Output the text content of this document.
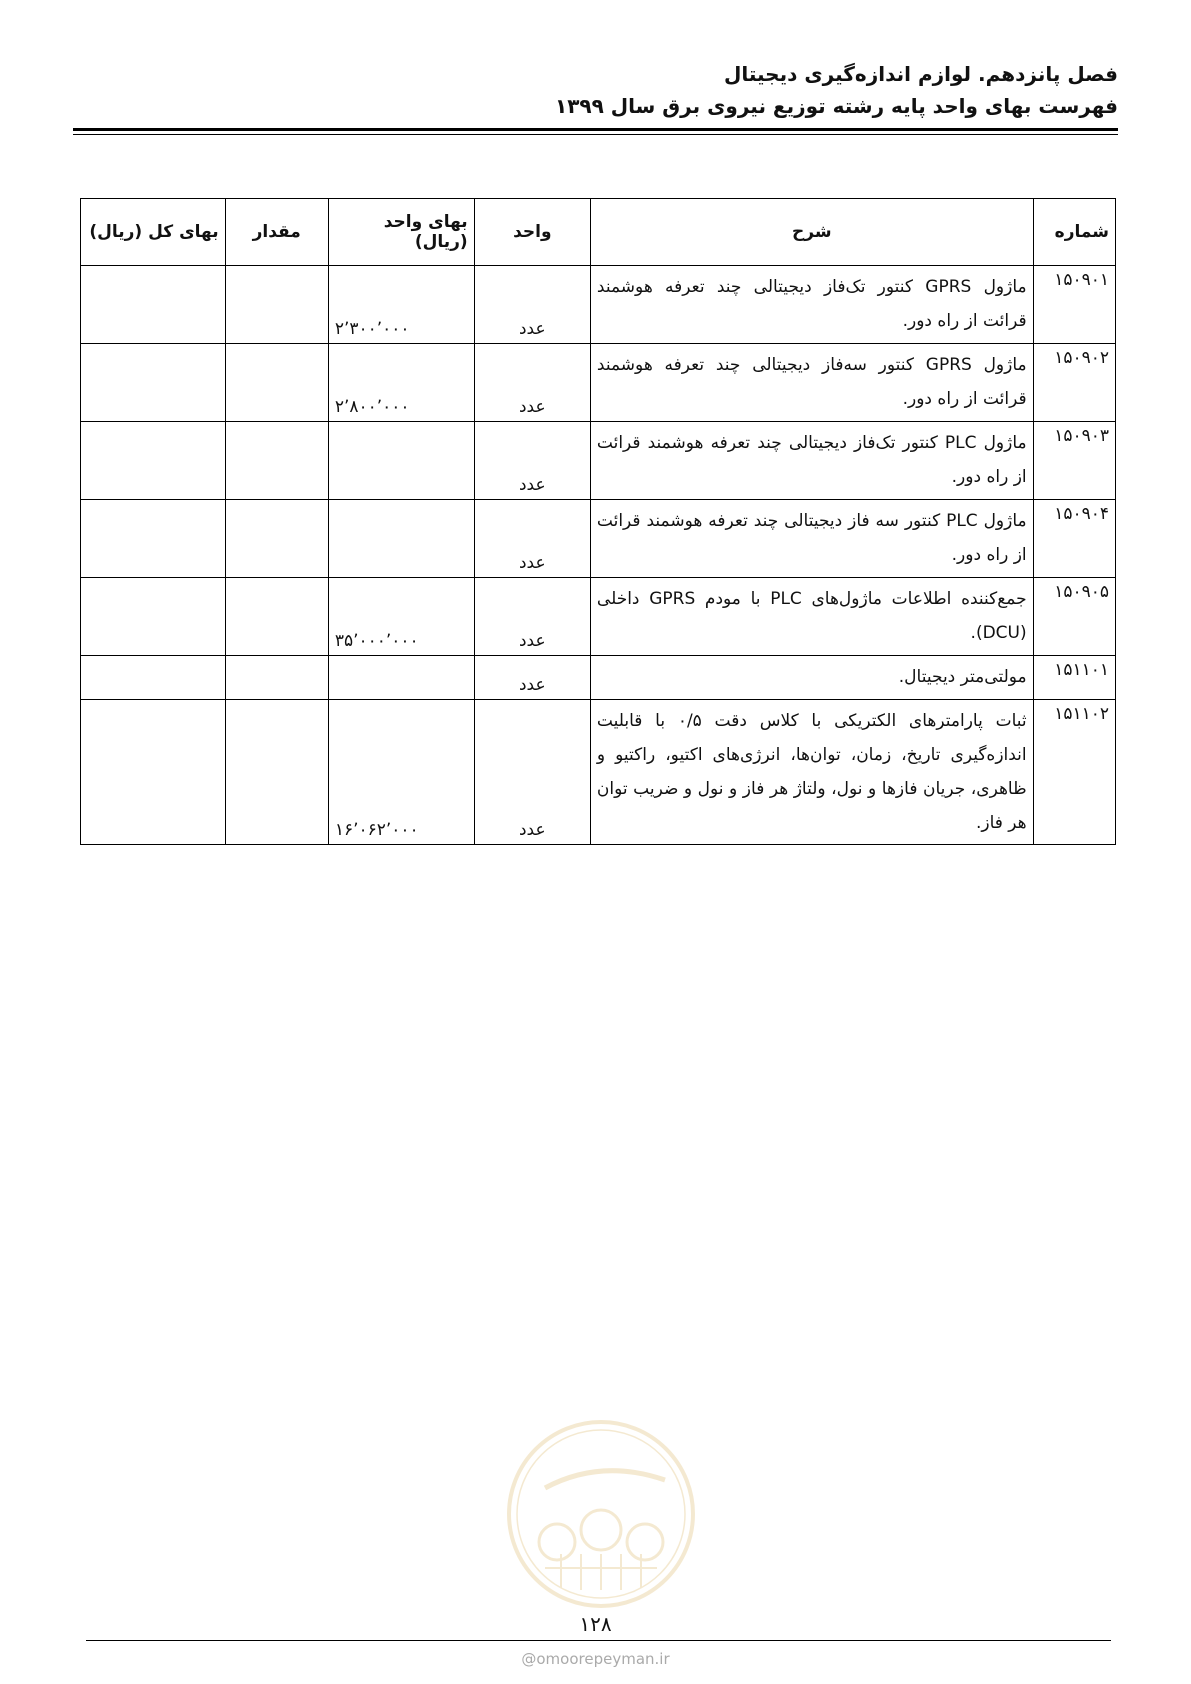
فصل پانزدهم. لوازم اندازه‌گیری دیجیتال
فهرست بهای واحد پایه رشته توزیع نیروی برق سال ۱۳۹۹
شماره	شرح	واحد	بهای واحد (ریال)	مقدار	بهای کل (ریال)
۱۵۰۹۰۱	ماژول GPRS کنتور تک‌فاز دیجیتالی چند تعرفه هوشمند قرائت از راه دور.	عدد	۲٬۳۰۰٬۰۰۰		
۱۵۰۹۰۲	ماژول GPRS کنتور سه‌فاز دیجیتالی چند تعرفه هوشمند قرائت از راه دور.	عدد	۲٬۸۰۰٬۰۰۰		
۱۵۰۹۰۳	ماژول PLC کنتور تک‌فاز دیجیتالی چند تعرفه هوشمند قرائت از راه دور.	عدد			
۱۵۰۹۰۴	ماژول PLC کنتور سه فاز دیجیتالی چند تعرفه هوشمند قرائت از راه دور.	عدد			
۱۵۰۹۰۵	جمع‌کننده اطلاعات ماژول‌های PLC با مودم GPRS داخلی (DCU).	عدد	۳۵٬۰۰۰٬۰۰۰		
۱۵۱۱۰۱	مولتی‌متر دیجیتال.	عدد			
۱۵۱۱۰۲	ثبات پارامترهای الکتریکی با کلاس دقت ۰/۵ با قابلیت اندازه‌گیری تاریخ، زمان، توان‌ها، انرژی‌های اکتیو، راکتیو و ظاهری، جریان فازها و نول، ولتاژ هر فاز و نول و ضریب توان هر فاز.	عدد	۱۶٬۰۶۲٬۰۰۰		
۱۲۸
@omoorepeyman.ir
